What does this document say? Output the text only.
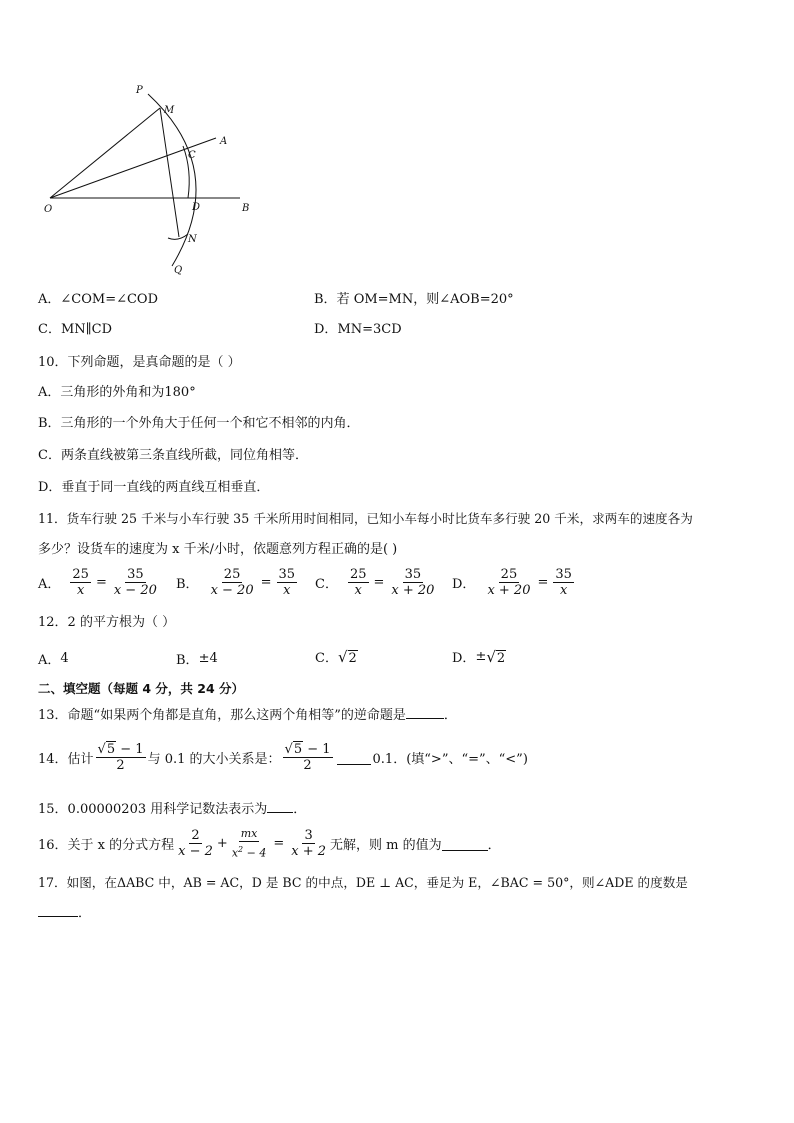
P
M
A
C
O	D	B
N
Q
A．∠COM=∠COD	B．若 OM=MN，则∠AOB=20°
C．MN∥CD	D．MN=3CD
10．下列命题，是真命题的是（ ）
A．三角形的外角和为180°
B．三角形的一个外角大于任何一个和它不相邻的内角．
C．两条直线被第三条直线所截，同位角相等．
D．垂直于同一直线的两直线互相垂直．
11．货车行驶 25 千米与小车行驶 35 千米所用时间相同，已知小车每小时比货车多行驶 20 千米，求两车的速度各为
多少？设货车的速度为 x 千米/小时，依题意列方程正确的是( )
A． $\frac{25}{x} = \frac{35}{x - 20}$ B． $\frac{25}{x - 20} = \frac{35}{x}$ C． $\frac{25}{x} = \frac{35}{x + 20}$ D． $\frac{25}{x + 20} = \frac{35}{x}$
12．2 的平方根为（ ）
A． 4	B． ±4	C． √2	D． ± √2
二、填空题（每题 4 分，共 24 分）
13．命题“如果两个角都是直角，那么这两个角相等”的逆命题是	．
14．估计 $\frac{√5 - 1}{2}$ 与 0.1 的大小关系是： $\frac{√5 - 1}{2}$	0.1．(填“>”、“=”、“<”)
15．0.00000203 用科学记数法表示为 ．
16．关于 x 的分式方程 $\frac{2}{x - 2} + \frac{mx}{x^2 - 4} = \frac{3}{x + 2}$ 无解，则 m 的值为	．
17．如图，在ΔABC 中，AB = AC，D 是 BC 的中点，DE ⊥ AC，垂足为 E，∠BAC = 50°，则∠ADE 的度数是
．
